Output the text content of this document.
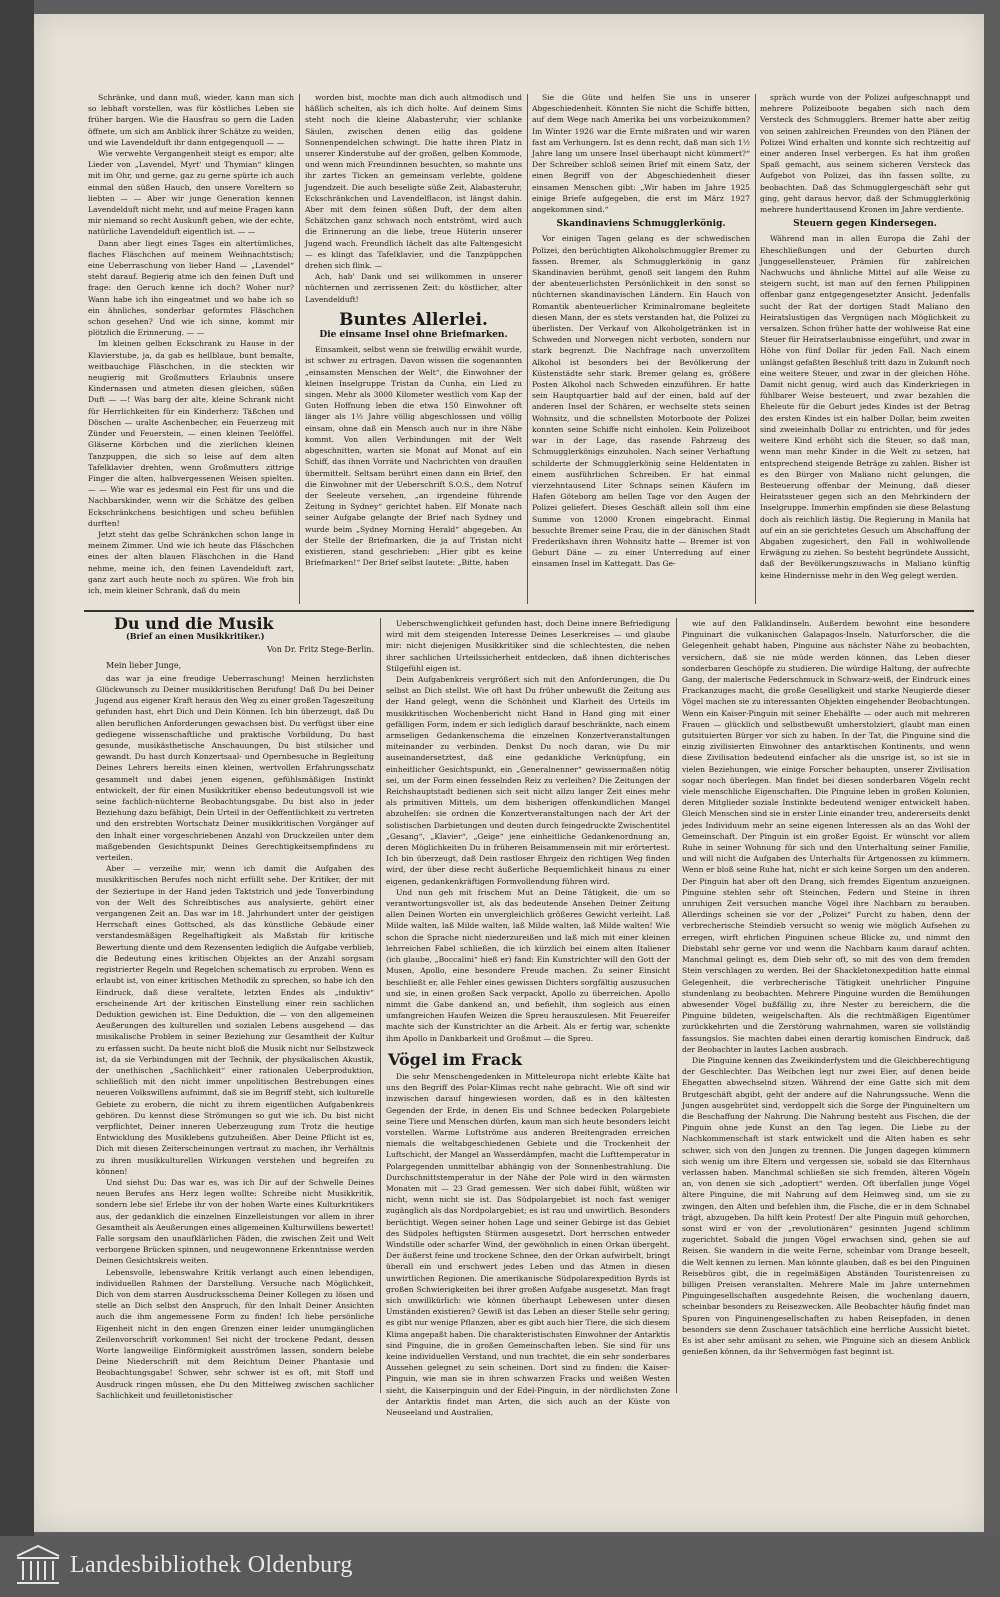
Schränke, und dann muß, wieder, kann man sich so lebhaft vorstellen, was für köstliches Leben sie früher bargen. Wie die Hausfrau so gern die Laden öffnete, um sich am Anblick ihrer Schätze zu weiden, und wie Lavendelduft ihr dann entgegenquoll — —

Wie verwehte Vergangenheit steigt es empor; alte Lieder von „Lavendel, Myrt' und Thymian“ klingen mit im Ohr, und gerne, gaz zu gerne spürte ich auch einmal den süßen Hauch, den unsere Voreltern so liebten — — Aber wir junge Generation kennen Lavendelduft nicht mehr, und auf meine Fragen kann mir niemand so recht Auskunft geben, wie der echte, natürliche Lavendelduft eigentlich ist. — —

Dann aber liegt eines Tages ein altertümliches, flaches Fläschchen auf meinem Weihnachtstisch; eine Ueberraschung von lieber Hand — „Lavendel“ steht darauf. Begierig atme ich den feinen Duft und frage: den Geruch kenne ich doch? Woher nur? Wann habe ich ihn eingeatmet und wo habe ich so ein ähnliches, sonderbar geformtes Fläschchen schon gesehen? Und wie ich sinne, kommt mir plötzlich die Erinnerung. — —

Im kleinen gelben Eckschrank zu Hause in der Klavierstube, ja, da gab es hellblaue, bunt bemalte, weitbauchige Fläschchen, in die steckten wir neugierig mit Großmutters Erlaubnis unsere Kindernasen und atmeten diesen gleichen, süßen Duft — —! Was barg der alte, kleine Schrank nicht für Herrlichkeiten für ein Kinderherz: Täßchen und Döschen — uralte Aschenbecher, ein Feuerzeug mit Zünder und Feuerstein, — einen kleinen Teelöffel. Gläserne Körbchen und die zierlichen kleinen Tanzpuppen, die sich so leise auf dem alten Tafelklavier drehten, wenn Großmutters zittrige Finger die alten, halbvergessenen Weisen spielten. — — Wie war es jedesmal ein Fest für uns und die Nachbarskinder, wenn wir die Schätze des gelben Eckschränkchens besichtigen und scheu befühlen durften!

Jetzt steht das gelbe Schränkchen schon lange in meinem Zimmer. Und wie ich heute das Fläschchen eines der alten blauen Fläschchen in die Hand nehme, meine ich, den feinen Lavendelduft zart, ganz zart auch heute noch zu spüren. Wie froh bin ich, mein kleiner Schrank, daß du mein

worden bist, mochte man dich auch altmodisch und häßlich schelten, als ich dich holte. Auf deinem Sims steht noch die kleine Alabasteruhr, vier schlanke Säulen, zwischen denen eilig das goldene Sonnenpendelchen schwingt. Die hatte ihren Platz in unserer Kinderstube auf der großen, gelben Kommode, und wenn mich Freundinnen besuchten, so mahnte uns ihr zartes Ticken an gemeinsam verlebte, goldene Jugendzeit. Die auch beseligte süße Zeit, Alabasteruhr, Eckschränkchen und Lavendelflacon, ist längst dahin. Aber mit dem feinen süßen Duft, der dem alten Schätzchen ganz schwach noch entströmt, wird auch die Erinnerung an die liebe, treue Hüterin unserer Jugend wach. Freundlich lächelt das alte Faltengesicht — es klingt das Tafelklavier, und die Tanzpüppchen drehen sich flink. —

Ach, hab' Dank und sei willkommen in unserer nüchternen und zerrissenen Zeit: du köstlicher, alter Lavendelduft!

Buntes Allerlei.
Die einsame Insel ohne Briefmarken.

Einsamkeit, selbst wenn sie freiwillig erwählt wurde, ist schwer zu ertragen. Davon wissen die sogenannten „einsamsten Menschen der Welt“, die Einwohner der kleinen Inselgruppe Tristan da Cunha, ein Lied zu singen. Mehr als 3000 Kilometer westlich vom Kap der Guten Hoffnung leben die etwa 150 Einwohner oft länger als 1½ Jahre völlig abgeschlossen und völlig einsam, ohne daß ein Mensch auch nur in ihre Nähe kommt. Von allen Verbindungen mit der Welt abgeschnitten, warten sie Monat auf Monat auf ein Schiff, das ihnen Vorräte und Nachrichten von draußen übermittelt. Seltsam berührt einen dann ein Brief, den die Einwohner mit der Ueberschrift S.O.S., dem Notruf der Seeleute versehen, „an irgendeine führende Zeitung in Sydney“ gerichtet haben. Elf Monate nach seiner Aufgabe gelangte der Brief nach Sydney und wurde beim „Sydney Morning Herald“ abgegeben. An der Stelle der Briefmarken, die ja auf Tristan nicht existieren, stand geschrieben: „Hier gibt es keine Briefmarken!“ Der Brief selbst lautete: „Bitte, haben

Sie die Güte und helfen Sie uns in unserer Abgeschiedenheit. Könnten Sie nicht die Schiffe bitten, auf dem Wege nach Amerika bei uns vorbeizukommen? Im Winter 1926 war die Ernte mißraten und wir waren fast am Verhungern. Ist es denn recht, daß man sich 1½ Jahre lang um unsere Insel überhaupt nicht kümmert?“ Der Schreiber schloß seinen Brief mit einem Satz, der einen Begriff von der Abgeschiedenheit dieser einsamen Menschen gibt: „Wir haben im Jahre 1925 einige Briefe aufgegeben, die erst im März 1927 angekommen sind.“

Skandinaviens Schmugglerkönig.

Vor einigen Tagen gelang es der schwedischen Polizei, den berüchtigten Alkoholschmuggler Bremer zu fassen. Bremer, als Schmugglerkönig in ganz Skandinavien berühmt, genoß seit langem den Ruhm der abenteuerlichsten Persönlichkeit in den sonst so nüchternen skandinavischen Ländern. Ein Hauch von Romantik abenteuerlicher Kriminalromane begleitete diesen Mann, der es stets verstanden hat, die Polizei zu überlisten. Der Verkauf von Alkoholgetränken ist in Schweden und Norwegen nicht verboten, sondern nur stark begrenzt. Die Nachfrage nach unverzolltem Alkohol ist besonders bei der Bevölkerung der Küstenstädte sehr stark. Bremer gelang es, größere Posten Alkohol nach Schweden einzuführen. Er hatte sein Hauptquartier bald auf der einen, bald auf der anderen Insel der Schären, er wechselte stets seinen Wohnsitz, und die schnellsten Motorboote der Polizei konnten seine Schiffe nicht einholen. Kein Polizeiboot war in der Lage, das rasende Fahrzeug des Schmugglerkönigs einzuholen. Nach seiner Verhaftung schilderte der Schmugglerkönig seine Heldentaten in einem ausführlichen Schreiben. Er hat einmal vierzehntausend Liter Schnaps seinen Käufern im Hafen Göteborg am hellen Tage vor den Augen der Polizei geliefert. Dieses Geschäft allein soll ihm eine Summe von 12000 Kronen eingebracht. Einmal besuchte Bremer seine Frau, die in der dänischen Stadt Frederikshavn ihren Wohnsitz hatte — Bremer ist von Geburt Däne — zu einer Unterredung auf einer einsamen Insel im Kattegatt. Das Ge-

spräch wurde von der Polizei aufgeschnappt und mehrere Polizeiboote begaben sich nach dem Versteck des Schmugglers. Bremer hatte aber zeitig von seinen zahlreichen Freunden von den Plänen der Polizei Wind erhalten und konnte sich rechtzeitig auf einer anderen Insel verbergen. Es hat ihm großen Spaß gemacht, aus seinem sicheren Versteck das Aufgebot von Polizei, das ihn fassen sollte, zu beobachten. Daß das Schmugglergeschäft sehr gut ging, geht daraus hervor, daß der Schmugglerkönig mehrere hunderttausend Kronen im Jahre verdiente.

Steuern gegen Kindersegen.

Während man in allen Europa die Zahl der Eheschließungen und der Geburten durch Junggesellensteuer, Prämien für zahlreichen Nachwuchs und ähnliche Mittel auf alle Weise zu steigern sucht, ist man auf den fernen Philippinen offenbar ganz entgegengesetzter Ansicht. Jedenfalls sucht der Rat der dortigen Stadt Maliano den Heiratslustigen das Vergnügen nach Möglichkeit zu versalzen. Schon früher hatte der wohlweise Rat eine Steuer für Heiratserlaubnisse eingeführt, und zwar in Höhe von fünf Dollar für jeden Fall. Nach einem unlängst gefaßten Beschluß tritt dazu in Zukunft noch eine weitere Steuer, und zwar in der gleichen Höhe. Damit nicht genug, wird auch das Kinderkriegen in fühlbarer Weise besteuert, und zwar bezahlen die Eheleute für die Geburt jedes Kindes ist der Betrag des ersten Kindes ist ein halber Dollar, beim zweiten sind zweieinhalb Dollar zu entrichten, und für jedes weitere Kind erhöht sich die Steuer, so daß man, wenn man mehr Kinder in die Welt zu setzen, hat entsprechend steigende Beträge zu zahlen. Bisher ist es den Bürger von Maliano nicht gelungen, die Besteuerung offenbar der Meinung, daß dieser Heiratssteuer gegen sich an den Mehrkindern der Inselgruppe. Immerhin empfinden sie diese Belastung doch als reichlich lästig. Die Regierung in Manila hat auf ein an sie gerichtetes Gesuch um Abschaffung der Abgaben zugesichert, den Fall in wohlwollende Erwägung zu ziehen. So besteht begründete Aussicht, daß der Bevölkerungszuwachs in Maliano künftig keine Hindernisse mehr in den Weg gelegt werden.

Du und die Musik
(Brief an einen Musikkritiker.)
Von Dr. Fritz Stege-Berlin.
Mein lieber Junge,

das war ja eine freudige Ueberraschung! Meinen herzlichsten Glückwunsch zu Deiner musikkritischen Berufung! Daß Du bei Deiner Jugend aus eigener Kraft heraus den Weg zu einer großen Tageszeitung gefunden hast, ehrt Dich und Dein Können. Ich bin überzeugt, daß Du allen beruflichen Anforderungen gewachsen bist. Du verfügst über eine gediegene wissenschaftliche und praktische Vorbildung, Du hast gesunde, musikästhetische Anschauungen, Du bist stilsicher und gewandt. Du hast durch Konzertsaal- und Opernbesuche in Begleitung Deines Lehrers bereits einen kleinen, wertvollen Erfahrungsschatz gesammelt und dabei jenen eigenen, gefühlsmäßigen Instinkt entwickelt, der für einen Musikkritiker ebenso bedeutungsvoll ist wie seine fachlich-nüchterne Beobachtungsgabe. Du bist also in jeder Beziehung dazu befähigt, Dein Urteil in der Oeffentlichkeit zu vertreten und den erstrebten Wortschatz Deiner musikkritischen Vorgänger auf den Inhalt einer vorgeschriebenen Anzahl von Druckzeilen unter dem maßgebenden Gesichtspunkt Deines Gerechtigkeitsempfindens zu verteilen.

Aber — verzeihe mir, wenn ich damit die Aufgaben des musikkritischen Berufes noch nicht erfüllt sehe. Der Kritiker, der mit der Seziertupe in der Hand jeden Taktstrich und jede Tonverbindung von der Welt des Schreibtisches aus analysierte, gehört einer vergangenen Zeit an. Das war im 18. Jahrhundert unter der geistigen Herrschaft eines Gottsched, als das künstliche Gebäude einer verstandesmäßigen Regelhaftigkeit als Maßstab für kritische Bewertung diente und dem Rezensenten lediglich die Aufgabe verblieb, die Bedeutung eines kritischen Objektes an der Anzahl sorgsam registrierter Regeln und Regelchen schematisch zu erproben. Wenn es erlaubt ist, von einer kritischen Methodik zu sprechen, so habe ich den Eindruck, daß diese veraltete, letzten Endes als „induktiv“ erscheinende Art der kritischen Einstellung einer rein sachlichen Deduktion gewichen ist. Eine Deduktion, die — von den allgemeinen Aeußerungen des kulturellen und sozialen Lebens ausgehend — das musikalische Problem in seiner Beziehung zur Gesamtheit der Kultur zu erfassen sucht. Da heute nicht bloß die Musik nicht nur Selbstzweck ist, da sie Verbindungen mit der Technik, der physikalischen Akustik, der unethischen „Sachlichkeit“ einer rationalen Ueberproduktion, schließlich mit den nicht immer unpolitischen Bestrebungen eines neueren Volkswillens aufnimmt, daß sie im Begriff steht, sich kulturelle Gebiete zu erobern, die nicht zu ihrem eigentlichen Aufgabenkreis gehören. Du kennst diese Strömungen so gut wie ich. Du bist nicht verpflichtet, Deiner inneren Ueberzeugung zum Trotz die heutige Entwicklung des Musiklebens gutzuheißen. Aber Deine Pflicht ist es, Dich mit diesen Zeiterscheinungen vertraut zu machen, ihr Verhältnis zu ihren musikkulturellen Wirkungen verstehen und begreifen zu können!

Und siehst Du: Das war es, was ich Dir auf der Schwelle Deines neuen Berufes ans Herz legen wollte: Schreibe nicht Musikkritik, sondern lebe sie! Erlebe ihr von der hohen Warte eines Kulturkritikers aus, der gedanklich die einzelnen Einzelleistungen vor allem in ihrer Gesamtheit als Aeußerungen eines allgemeinen Kulturwillens bewertet! Falle sorgsam den unaufklärlichen Fäden, die zwischen Zeit und Welt verborgene Brücken spinnen, und neugewonnene Erkenntnisse werden Deinen Gesichtskreis weiten.

Lebensvolle, lebenswahre Kritik verlangt auch einen lebendigen, individuellen Rahmen der Darstellung. Versuche nach Möglichkeit, Dich von dem starren Ausdrucksschema Deiner Kollegen zu lösen und stelle an Dich selbst den Anspruch, für den Inhalt Deiner Ansichten auch die ihm angemessene Form zu finden! Ich liebe persönliche Eigenheit nicht in den engen Grenzen einer leider unumgänglichen Zeilenvorschrift vorkommen! Sei nicht der trockene Pedant, dessen Worte langweilige Einförmigkeit ausströmen lassen, sondern belebe Deine Niederschrift mit dem Reichtum Deiner Phantasie und Beobachtungsgabe! Schwer, sehr schwer ist es oft, mit Stoff und Ausdruck ringen müssen, ehe Du den Mittelweg zwischen sachlicher Sachlichkeit und feuilletonistischer

Ueberschwenglichkeit gefunden hast, doch Deine innere Befriedigung wird mit dem steigenden Interesse Deines Leserkreises — und glaube mir: nicht diejenigen Musikkritiker sind die schlechtesten, die neben ihrer sachlichen Urteilssicherheit entdecken, daß ihnen dichterisches Stilgefühl eigen ist.

Dein Aufgabenkreis vergrößert sich mit den Anforderungen, die Du selbst an Dich stellst. Wie oft hast Du früher unbewußt die Zeitung aus der Hand gelegt, wenn die Schönheit und Klarheit des Urteils im musikkritischen Wochenbericht nicht Hand in Hand ging mit einer gefälligen Form, indem er sich lediglich darauf beschränkte, nach einem armseligen Gedankenschema die einzelnen Konzertveranstaltungen miteinander zu verbinden. Denkst Du noch daran, wie Du mir auseinandersetztest, daß eine gedankliche Verknüpfung, ein einheitlicher Gesichtspunkt, ein „Generalnenner“ gewissermaßen nötig sei, um der Form einen fesselnden Reiz zu verleihen? Die Zeitungen der Reichshauptstadt bedienen sich seit nicht allzu langer Zeit eines mehr als primitiven Mittels, um dem bisherigen offenkundlichen Mangel abzuhelfen: sie ordnen die Konzertveranstaltungen nach der Art der solistischen Darbietungen und deuten durch feingedruckte Zwischentitel „Gesang“, „Klavier“, „Geige“ jene einheitliche Gedankenordnung an, deren Möglichkeiten Du in früheren Beisammensein mit mir erörtertest. Ich bin überzeugt, daß Dein rastloser Ehrgeiz den richtigen Weg finden wird, der über diese recht äußerliche Bequemlichkeit hinaus zu einer eigenen, gedankenkräftigen Formvollendung führen wird.

Und nun geh mit frischem Mut an Deine Tätigkeit, die um so verantwortungsvoller ist, als das bedeutende Ansehen Deiner Zeitung allen Deinen Worten ein unvergleichlich größeres Gewicht verleiht. Laß Milde walten, laß Milde walten, laß Milde walten, laß Milde walten! Wie schon die Sprache nicht niederzureißen und laß mich mit einer kleinen lehrreichen Fabel schließen, die ich kürzlich bei einem alten Italiener (ich glaube, „Boccalini“ hieß er) fand: Ein Kunstrichter will den Gott der Musen, Apollo, eine besondere Freude machen. Zu seiner Einsicht beschließt er, alle Fehler eines gewissen Dichters sorgfältig auszusuchen und sie, in einen großen Sack verpackt, Apollo zu überreichen. Apollo nimmt die Gabe dankend an, und befiehlt, ihm sogleich aus einen umfangreichen Haufen Weizen die Spreu herauszulesen. Mit Feuereifer machte sich der Kunstrichter an die Arbeit. Als er fertig war, schenkte ihm Apollo in Dankbarkeit und Großmut — die Spreu.

Vögel im Frack

Die sehr Menschengedenken in Mitteleuropa nicht erlebte Kälte hat uns den Begriff des Polar-Klimas recht nahe gebracht. Wie oft sind wir inzwischen darauf hingewiesen worden, daß es in den kältesten Gegenden der Erde, in denen Eis und Schnee bedecken Polargebiete seine Tiere und Menschen dürfen, kaum man sich heute besonders leicht vorstellen. Warme Luftströme aus anderen Breitengraden erreichen niemals die weltabgeschiedenen Gebiete und die Trockenheit der Luftschicht, der Mangel an Wasserdämpfen, macht die Lufttemperatur in Polargegenden unmittelbar abhängig von der Sonnenbestrahlung. Die Durchschnittstemperatur in der Nähe der Pole wird in den wärmsten Monaten mit — 23 Grad gemessen. Wer sich dabei fühlt, wüßten wir nicht, wenn nicht sie ist. Das Südpolargebiet ist noch fast weniger zugänglich als das Nordpolargebiet; es ist rau und unwirtlich. Besonders berüchtigt. Wegen seiner hohen Lage und seiner Gebirge ist das Gebiet des Südpoles heftigsten Stürmen ausgesetzt. Dort herrschen entweder Windstille oder scharfer Wind, der gewöhnlich in einen Orkan übergeht. Der äußerst feine und trockene Schnee, den der Orkan aufwirbelt, bringt überall ein und erschwert jedes Leben und das Atmen in diesen unwirtlichen Regionen. Die amerikanische Südpolarexpedition Byrds ist großen Schwierigkeiten bei ihrer großen Aufgabe ausgesetzt. Man fragt sich unwillkürlich: wie können überhaupt Lebewesen unter diesen Umständen existieren? Gewiß ist das Leben an dieser Stelle sehr gering; es gibt nur wenige Pflanzen, aber es gibt auch hier Tiere, die sich diesem Klima angepaßt haben. Die charakteristischsten Einwohner der Antarktis sind Pinguine, die in großen Gemeinschaften leben. Sie sind für uns keine individuellen Verstand, und nun trachtet, die ein sehr sonderbares Aussehen gelegnet zu sein scheinen. Dort sind zu finden: die Kaiser-Pinguin, wie man sie in ihren schwarzen Fracks und weißen Westen sieht, die Kaiserpinguin und der Edel-Pinguin, in der nördlichsten Zone der Antarktis findet man Arten, die sich auch an der Küste von Neuseeland und Australien,

wie auf den Falklandinseln. Außerdem bewohnt eine besondere Pinguinart die vulkanischen Galapagos-Inseln. Naturforscher, die die Gelegenheit gehabt haben, Pinguine aus nächster Nähe zu beobachten, versichern, daß sie nie müde werden können, das Leben dieser sonderbaren Geschöpfe zu studieren. Die würdige Haltung, der aufrechte Gang, der malerische Federschmuck in Schwarz-weiß, der Eindruck eines Frackanzuges macht, die große Geselligkeit und starke Neugierde dieser Vögel machen sie zu interessanten Objekten eingehender Beobachtungen. Wenn ein Kaiser-Pinguin mit seiner Ehehälfte — oder auch mit mehreren Frauen — glücklich und selbstbewußt umherstolziert, glaubt man einen gutsituierten Bürger vor sich zu haben. In der Tat, die Pinguine sind die einzig zivilisierten Einwohner des antarktischen Kontinents, und wenn diese Zivilisation bedeutend einfacher als die unsrige ist, so ist sie in vielen Beziehungen, wie einige Forscher behaupten, unserer Zivilisation sogar noch überlegen. Man findet bei diesen sonderbaren Vögeln recht viele menschliche Eigenschaften. Die Pinguine leben in großen Kolonien, deren Mitglieder soziale Instinkte bedeutend weniger entwickelt haben. Gleich Menschen sind sie in erster Linie einander treu, andererseits denkt jedes Individuum mehr an seine eigenen Interessen als an das Wohl der Gemeinschaft. Der Pinguin ist ein großer Egoist. Er wünscht vor allem Ruhe in seiner Wohnung für sich und den Unterhaltung seiner Familie, und will nicht die Aufgaben des Unterhalts für Artgenossen zu kümmern. Wenn er bloß seine Ruhe hat, nicht er sich keine Sorgen um den anderen. Der Pinguin hat aber oft den Drang, sich fremdes Eigentum anzueignen. Pinguine stehlen sehr oft Steinchen, Federn und Steine in ihren unruhigen Zeit versuchen manche Vögel ihre Nachbarn zu berauben. Allerdings scheinen sie vor der „Polizei“ Furcht zu haben, denn der verbrecherische Steindieb versucht so wenig wie möglich Aufsehen zu erregen, wirft ehrlichen Pinguinen scheue Blicke zu, und nimmt den Diebstahl sehr gerne vor und wenn die Nachbarn kaum darauf achten. Manchmal gelingt es, dem Dieb sehr oft, so mit des von dem fremden Stein verschlagen zu werden. Bei der Shackletonexpedition hatte einmal Gelegenheit, die verbrecherische Tätigkeit unehrlicher Pinguine stundenlang zu beobachten. Mehrere Pinguine wurden die Bemühungen abwesender Vögel bußfällig zu, ihre Nester zu bereichern, die die Pinguine bildeten, weigelschaften. Als die rechtmäßigen Eigentümer zurückkehrten und die Zerstörung wahrnahmen, waren sie vollständig fassungslos. Sie machten dabei einen derartig komischen Eindruck, daß der Beobachter in lautes Lachen ausbrach.

Die Pinguine kennen das Zweikinderfystem und die Gleichberechtigung der Geschlechter. Das Weibchen legt nur zwei Eier, auf denen beide Ehegatten abwechselnd sitzen. Während der eine Gatte sich mit dem Brutgeschäft abgibt, geht der andere auf die Nahrungssuche. Wenn die Jungen ausgebrütet sind, verdoppelt sich die Sorge der Pinguineltern um die Beschaffung der Nahrung. Die Nahrung besteht aus Fischen, die der Pinguin ohne jede Kunst an den Tag legen. Die Liebe zu der Nachkommenschaft ist stark entwickelt und die Alten haben es sehr schwer, sich von den Jungen zu trennen. Die Jungen dagegen kümmern sich wenig um ihre Eltern und vergessen sie, sobald sie das Elternhaus verlassen haben. Manchmal schließen sie sich fremden, älteren Vögeln an, von denen sie sich „adoptiert“ werden. Oft überfallen junge Vögel ältere Pinguine, die mit Nahrung auf dem Heimweg sind, um sie zu zwingen, den Alten und befehlen ihm, die Fische, die er in dem Schnabel trägt, abzugeben. Da hilft kein Protest! Der alte Pinguin muß gehorchen, sonst wird er von der „revolutionären“ gesinnten Jugend schlimm zugerichtet. Sobald die jungen Vögel erwachsen sind, gehen sie auf Reisen. Sie wandern in die weite Ferne, scheinbar vom Drange beseelt, die Welt kennen zu lernen. Man könnte glauben, daß es bei den Pinguinen Reisebüros gibt, die in regelmäßigen Abständen Touristenreisen zu billigen Preisen veranstalten. Mehrere Male im Jahre unternehmen Pinguingesellschaften ausgedehnte Reisen, die wochenlang dauern, scheinbar besonders zu Reisezwecken. Alle Beobachter häufig findet man Spuren von Pinguinengesellschaften zu haben Reisepfaden, in denen besonders sie denn Zuschauer tatsächlich eine herrliche Aussicht bietet. Es ist aber sehr amüsant zu sehen, wie Pinguine sich an diesem Anblick genießen können, da ihr Sehvermögen fast beginnt ist.

Landesbibliothek Oldenburg
